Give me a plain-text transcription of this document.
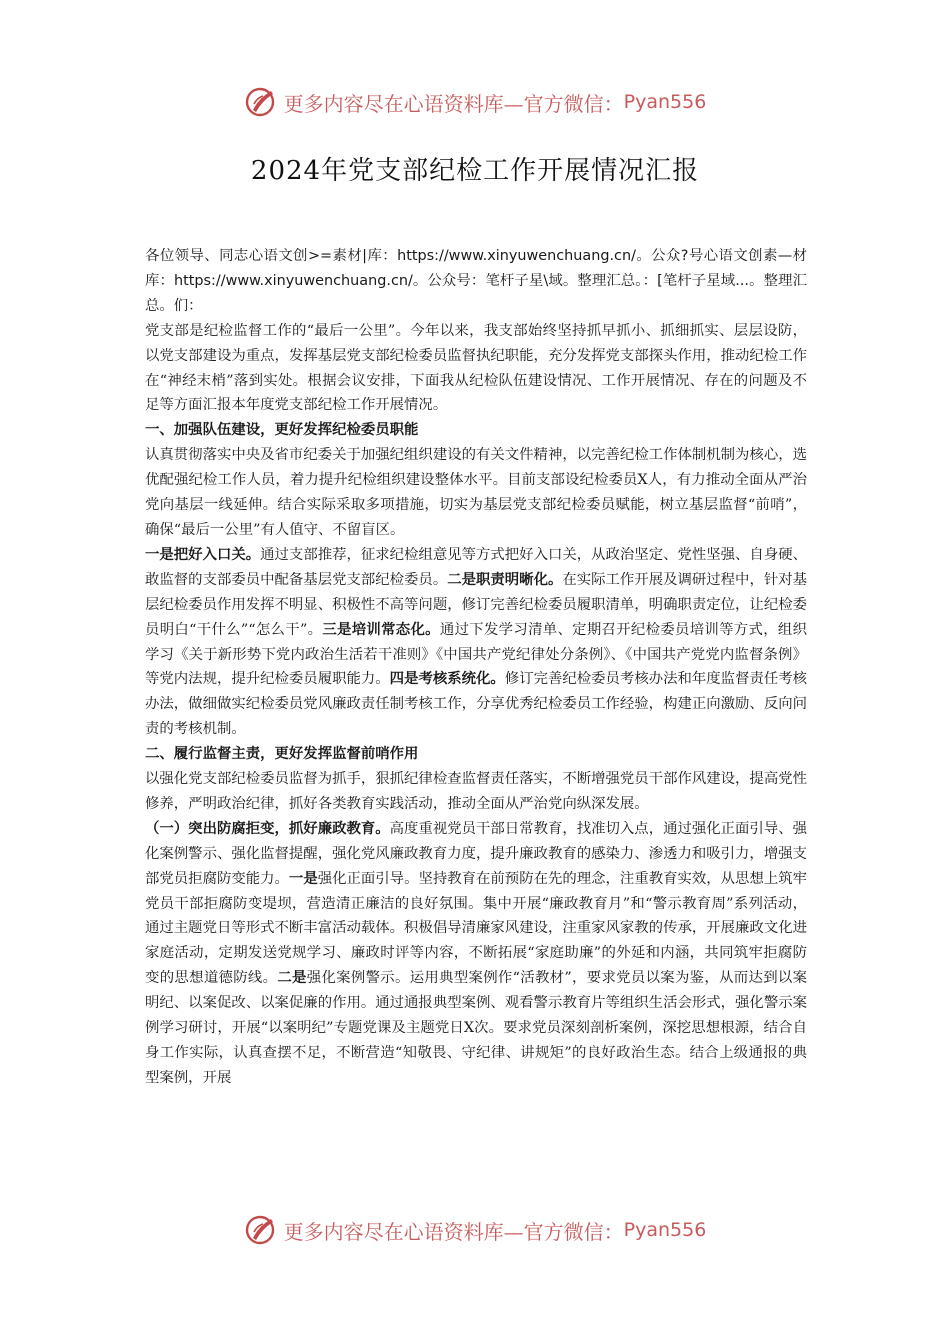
更多内容尽在心语资料库—官方微信： Pyan556
2024年党支部纪检工作开展情况汇报

各位领导、同志心语文创>=素材|库：https://www.xinyuwenchuang.cn/。公众?号心语文创素—材库：https://www.xinyuwenchuang.cn/。公众号：笔杆子星\域。整理汇总。：[笔杆子星域...。整理汇总。们：

党支部是纪检监督工作的“最后一公里”。今年以来，我支部始终坚持抓早抓小、抓细抓实、层层设防，以党支部建设为重点，发挥基层党支部纪检委员监督执纪职能，充分发挥党支部探头作用，推动纪检工作在“神经末梢”落到实处。根据会议安排，下面我从纪检队伍建设情况、工作开展情况、存在的问题及不足等方面汇报本年度党支部纪检工作开展情况。

一、加强队伍建设，更好发挥纪检委员职能

认真贯彻落实中央及省市纪委关于加强纪组织建设的有关文件精神，以完善纪检工作体制机制为核心，选优配强纪检工作人员，着力提升纪检组织建设整体水平。目前支部设纪检委员X人，有力推动全面从严治党向基层一线延伸。结合实际采取多项措施，切实为基层党支部纪检委员赋能，树立基层监督“前哨”，确保“最后一公里”有人值守、不留盲区。

一是把好入口关。通过支部推荐，征求纪检组意见等方式把好入口关，从政治坚定、党性坚强、自身硬、敢监督的支部委员中配备基层党支部纪检委员。二是职责明晰化。在实际工作开展及调研过程中，针对基层纪检委员作用发挥不明显、积极性不高等问题，修订完善纪检委员履职清单，明确职责定位，让纪检委员明白“干什么”“怎么干”。三是培训常态化。通过下发学习清单、定期召开纪检委员培训等方式，组织学习《关于新形势下党内政治生活若干准则》《中国共产党纪律处分条例》、《中国共产党党内监督条例》等党内法规，提升纪检委员履职能力。四是考核系统化。修订完善纪检委员考核办法和年度监督责任考核办法，做细做实纪检委员党风廉政责任制考核工作，分享优秀纪检委员工作经验，构建正向激励、反向问责的考核机制。

二、履行监督主责，更好发挥监督前哨作用

以强化党支部纪检委员监督为抓手，狠抓纪律检查监督责任落实，不断增强党员干部作风建设，提高党性修养，严明政治纪律，抓好各类教育实践活动，推动全面从严治党向纵深发展。

（一）突出防腐拒变，抓好廉政教育。高度重视党员干部日常教育，找准切入点，通过强化正面引导、强化案例警示、强化监督提醒，强化党风廉政教育力度，提升廉政教育的感染力、渗透力和吸引力，增强支部党员拒腐防变能力。一是强化正面引导。坚持教育在前预防在先的理念，注重教育实效，从思想上筑牢党员干部拒腐防变堤坝，营造清正廉洁的良好氛围。集中开展“廉政教育月”和“警示教育周”系列活动，通过主题党日等形式不断丰富活动载体。积极倡导清廉家风建设，注重家风家教的传承，开展廉政文化进家庭活动，定期发送党规学习、廉政时评等内容，不断拓展“家庭助廉”的外延和内涵，共同筑牢拒腐防变的思想道德防线。二是强化案例警示。运用典型案例作“活教材”，要求党员以案为鉴，从而达到以案明纪、以案促改、以案促廉的作用。通过通报典型案例、观看警示教育片等组织生活会形式，强化警示案例学习研讨，开展“以案明纪”专题党课及主题党日X次。要求党员深刻剖析案例，深挖思想根源，结合自身工作实际，认真查摆不足，不断营造“知敬畏、守纪律、讲规矩”的良好政治生态。结合上级通报的典型案例，开展

更多内容尽在心语资料库—官方微信： Pyan556
